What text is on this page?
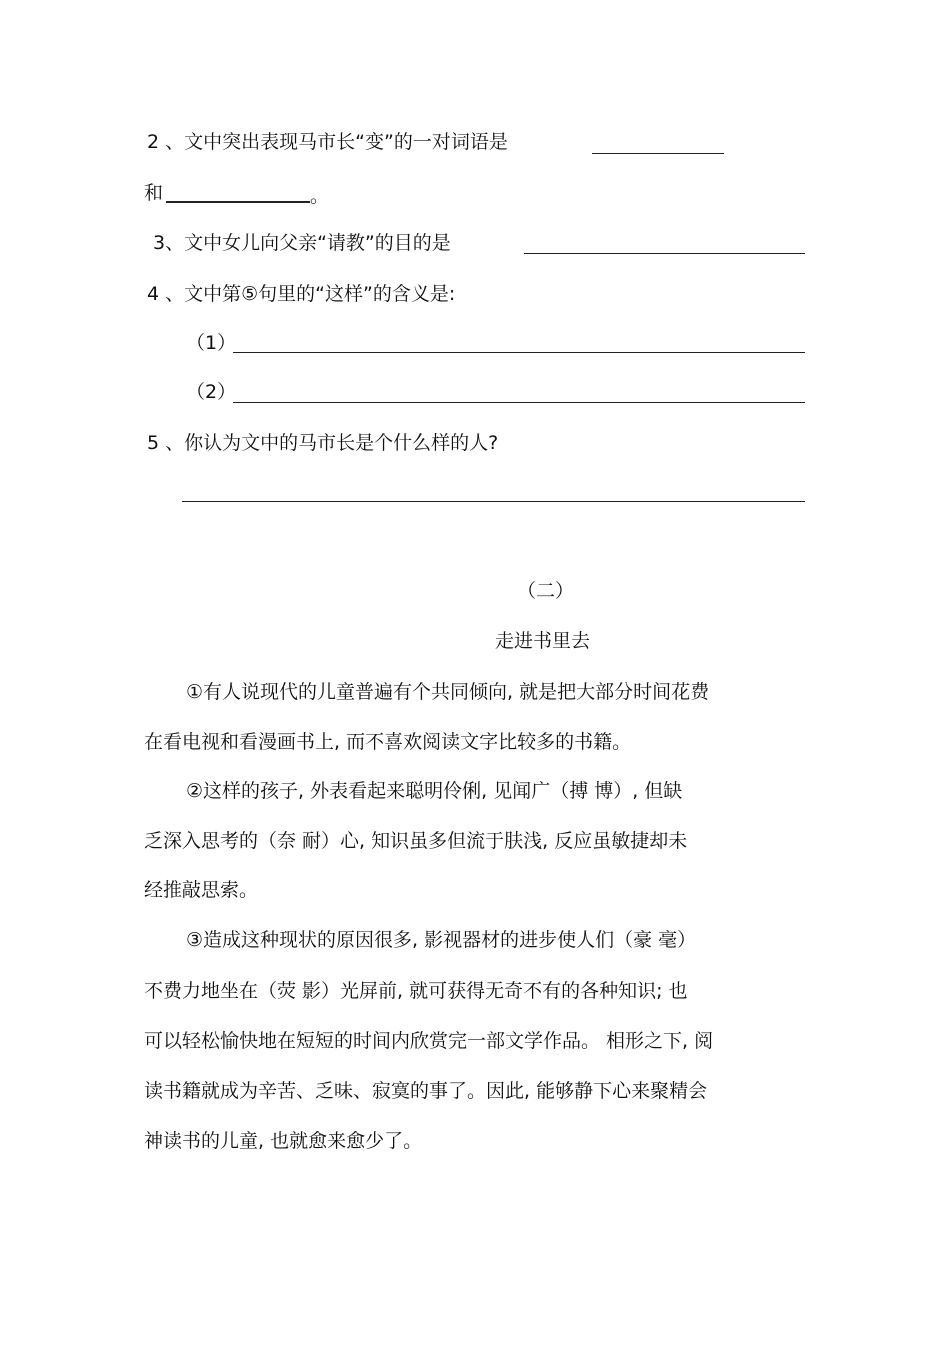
2 、文中突出表现马市长“变”的一对词语是
和	。
3、文中女儿向父亲“请教”的目的是
4 、文中第⑤句里的“这样”的含义是:
（1）
（2）
5 、你认为文中的马市长是个什么样的人?
（二）
走进书里去
①有人说现代的儿童普遍有个共同倾向, 就是把大部分时间花费
在看电视和看漫画书上, 而不喜欢阅读文字比较多的书籍。
②这样的孩子, 外表看起来聪明伶俐, 见闻广（搏 博）, 但缺
乏深入思考的（奈 耐）心, 知识虽多但流于肤浅, 反应虽敏捷却未
经推敲思索。
③造成这种现状的原因很多, 影视器材的进步使人们（豪 毫）
不费力地坐在（荧 影）光屏前, 就可获得无奇不有的各种知识; 也
可以轻松愉快地在短短的时间内欣赏完一部文学作品。 相形之下, 阅
读书籍就成为辛苦、乏味、寂寞的事了。因此, 能够静下心来聚精会
神读书的儿童, 也就愈来愈少了。
